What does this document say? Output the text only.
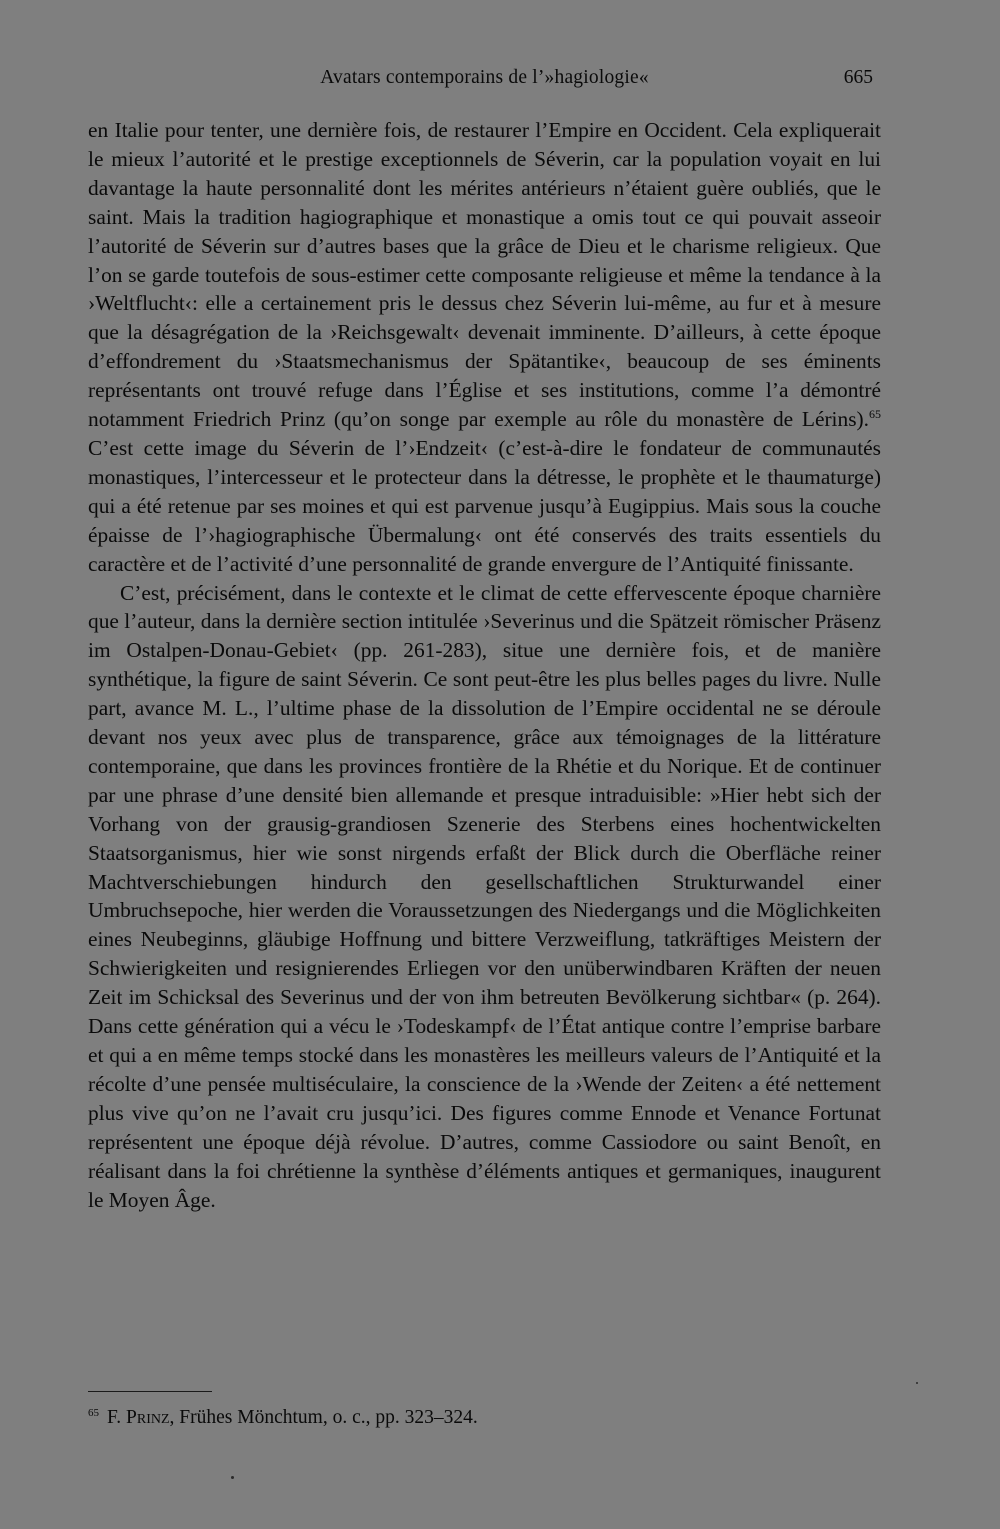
Avatars contemporains de l’»hagiologie«	665

en Italie pour tenter, une dernière fois, de restaurer l’Empire en Occident. Cela expliquerait le mieux l’autorité et le prestige exceptionnels de Séverin, car la population voyait en lui davantage la haute personnalité dont les mérites antérieurs n’étaient guère oubliés, que le saint. Mais la tradition hagiographique et monastique a omis tout ce qui pouvait asseoir l’autorité de Séverin sur d’autres bases que la grâce de Dieu et le charisme religieux. Que l’on se garde toutefois de sous-estimer cette composante religieuse et même la tendance à la ›Weltflucht‹: elle a certainement pris le dessus chez Séverin lui-même, au fur et à mesure que la désagrégation de la ›Reichsgewalt‹ devenait imminente. D’ailleurs, à cette époque d’effondrement du ›Staatsmechanismus der Spätantike‹, beaucoup de ses éminents représentants ont trouvé refuge dans l’Église et ses institutions, comme l’a démontré notamment Friedrich Prinz (qu’on songe par exemple au rôle du monastère de Lérins).$^{65}$ C’est cette image du Séverin de l’›Endzeit‹ (c’est-à-dire le fondateur de communautés monastiques, l’intercesseur et le protecteur dans la détresse, le prophète et le thaumaturge) qui a été retenue par ses moines et qui est parvenue jusqu’à Eugippius. Mais sous la couche épaisse de l’›hagiographische Übermalung‹ ont été conservés des traits essentiels du caractère et de l’activité d’une personnalité de grande envergure de l’Antiquité finissante.

C’est, précisément, dans le contexte et le climat de cette effervescente époque charnière que l’auteur, dans la dernière section intitulée ›Severinus und die Spätzeit römischer Präsenz im Ostalpen-Donau-Gebiet‹ (pp. 261-283), situe une dernière fois, et de manière synthétique, la figure de saint Séverin. Ce sont peut-être les plus belles pages du livre. Nulle part, avance M. L., l’ultime phase de la dissolution de l’Empire occidental ne se déroule devant nos yeux avec plus de transparence, grâce aux témoignages de la littérature contemporaine, que dans les provinces frontière de la Rhétie et du Norique. Et de continuer par une phrase d’une densité bien allemande et presque intraduisible: »Hier hebt sich der Vorhang von der grausig-grandiosen Szenerie des Sterbens eines hochentwickelten Staatsorganismus, hier wie sonst nirgends erfaßt der Blick durch die Oberfläche reiner Machtverschiebungen hindurch den gesellschaftlichen Strukturwandel einer Umbruchsepoche, hier werden die Voraussetzungen des Niedergangs und die Möglichkeiten eines Neubeginns, gläubige Hoffnung und bittere Verzweiflung, tatkräftiges Meistern der Schwierigkeiten und resignierendes Erliegen vor den unüberwindbaren Kräften der neuen Zeit im Schicksal des Severinus und der von ihm betreuten Bevölkerung sichtbar« (p. 264). Dans cette génération qui a vécu le ›Todeskampf‹ de l’État antique contre l’emprise barbare et qui a en même temps stocké dans les monastères les meilleurs valeurs de l’Antiquité et la récolte d’une pensée multiséculaire, la conscience de la ›Wende der Zeiten‹ a été nettement plus vive qu’on ne l’avait cru jusqu’ici. Des figures comme Ennode et Venance Fortunat représentent une époque déjà révolue. D’autres, comme Cassiodore ou saint Benoît, en réalisant dans la foi chrétienne la synthèse d’éléments antiques et germaniques, inaugurent le Moyen Âge.

$^{65}$ F. Prinz, Frühes Mönchtum, o. c., pp. 323–324.
